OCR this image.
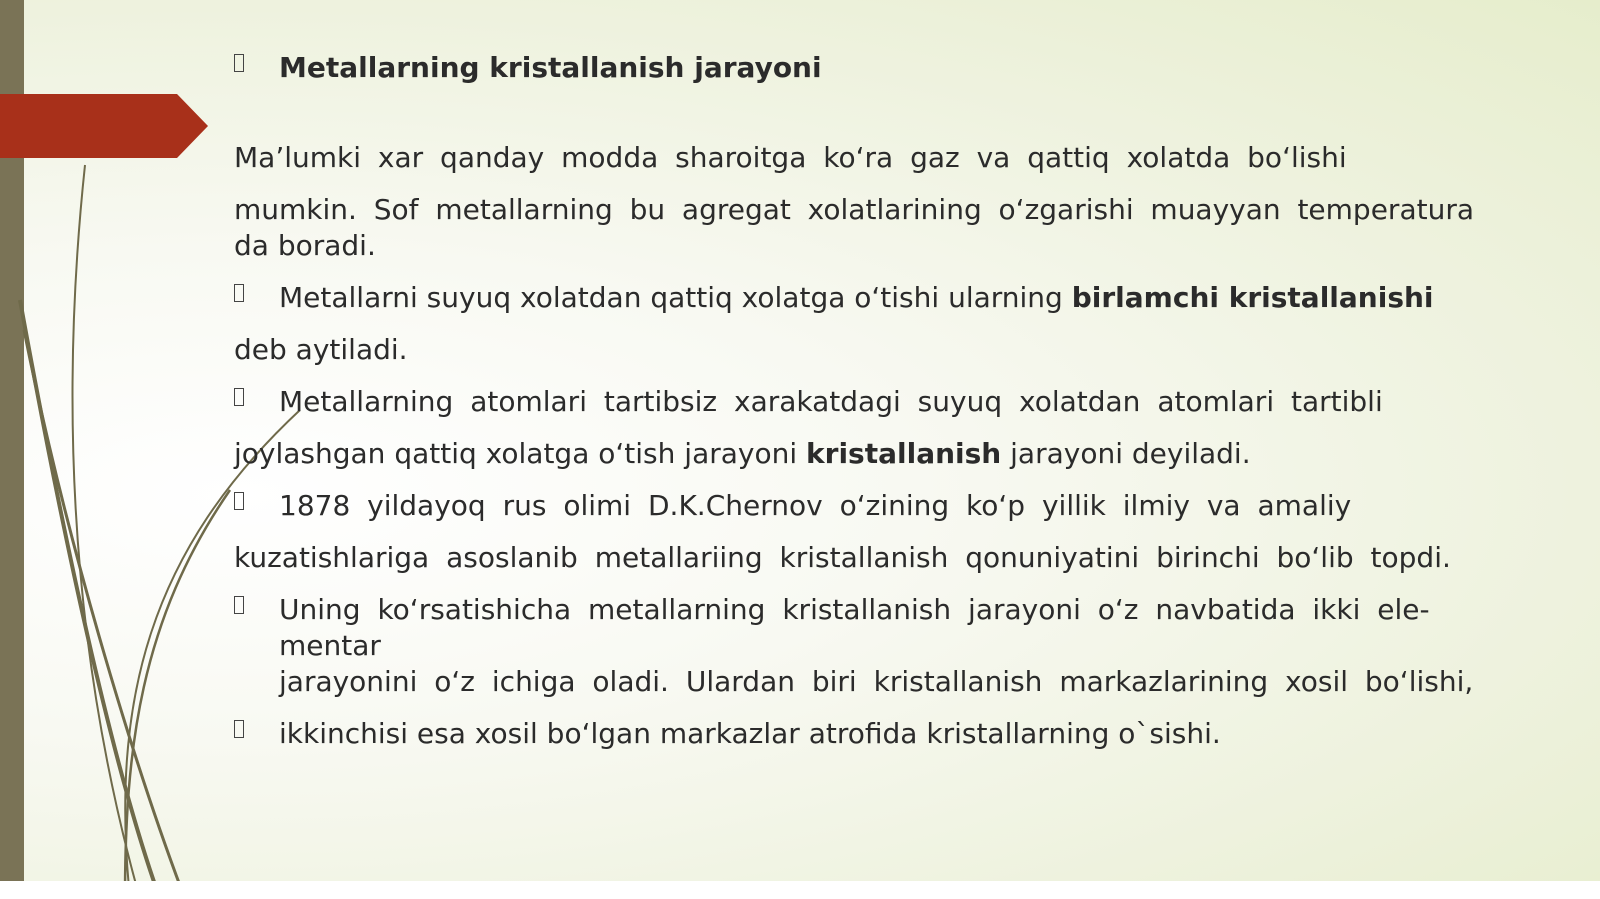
Metallarning kristallanish jarayoni
Ma’lumki xar qanday modda sharoitga ko‘ra gaz va qattiq xolatda bo‘lishi
mumkin. Sof metallarning bu agregat xolatlarining o‘zgarishi muayyan temperatura
da boradi.
Metallarni suyuq xolatdan qattiq xolatga o‘tishi ularning birlamchi kristallanishi
deb aytiladi.
Metallarning atomlari tartibsiz xarakatdagi suyuq xolatdan atomlari tartibli
joylashgan qattiq xolatga o‘tish jarayoni kristallanish jarayoni deyiladi.
1878 yildayoq rus olimi D.K.Chernov o‘zining ko‘p yillik ilmiy va amaliy
kuzatishlariga asoslanib metallariing kristallanish qonuniyatini birinchi bo‘lib topdi.
Uning ko‘rsatishicha metallarning kristallanish jarayoni o‘z navbatida ikki ele-
mentar
jarayonini o‘z ichiga oladi. Ulardan biri kristallanish markazlarining xosil bo‘lishi,
ikkinchisi esa xosil bo‘lgan markazlar atrofida kristallarning o`sishi.
